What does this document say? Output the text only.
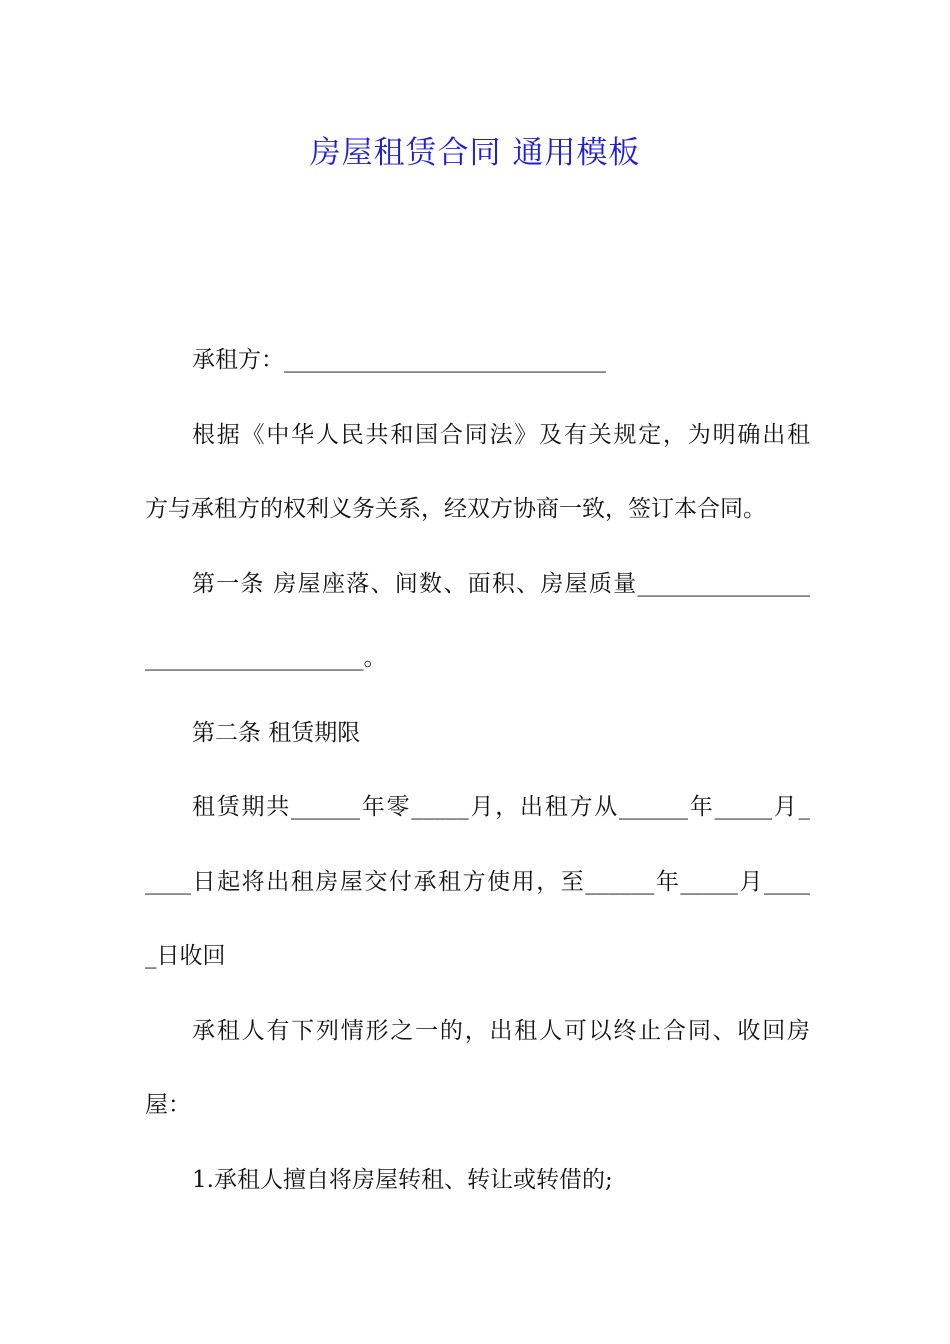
房屋租赁合同 通用模板
承租方：____________________________
根据《中华人民共和国合同法》及有关规定，为明确出租
方与承租方的权利义务关系，经双方协商一致，签订本合同。
第一条 房屋座落、间数、面积、房屋质量_______________
___________________。
第二条 租赁期限
租赁期共______年零_____月，出租方从______年_____月_
____日起将出租房屋交付承租方使用，至______年_____月____
_日收回
承租人有下列情形之一的，出租人可以终止合同、收回房
屋：
1.承租人擅自将房屋转租、转让或转借的;
